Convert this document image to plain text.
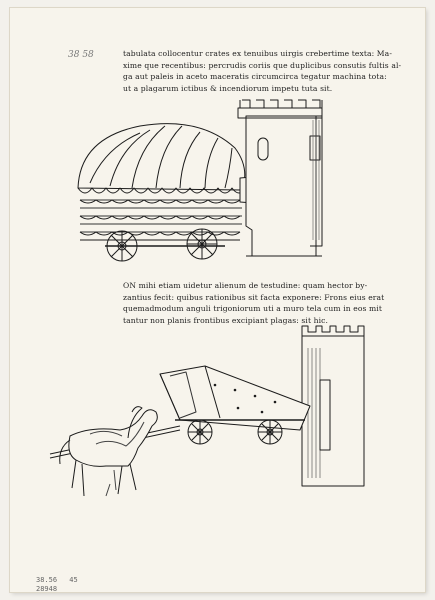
38 58	tabulata collocentur crates ex tenuibus uirgis crebertime texta: Ma-
xime que recentibus: percrudis coriis que duplicibus consutis fultis al-
ga aut paleis in aceto maceratis circumcirca tegatur machina tota:
ut a plagarum ictibus & incendiorum impetu tuta sit.
ON mihi etiam uidetur alienum de testudine: quam hector by-
zantius fecit: quibus rationibus sit facta exponere: Frons eius erat
quemadmodum anguli trigoniorum uti a muro tela cum in eos mit
tantur non planis frontibus excipiant plagas: sit hic.
38.56 45
28948
